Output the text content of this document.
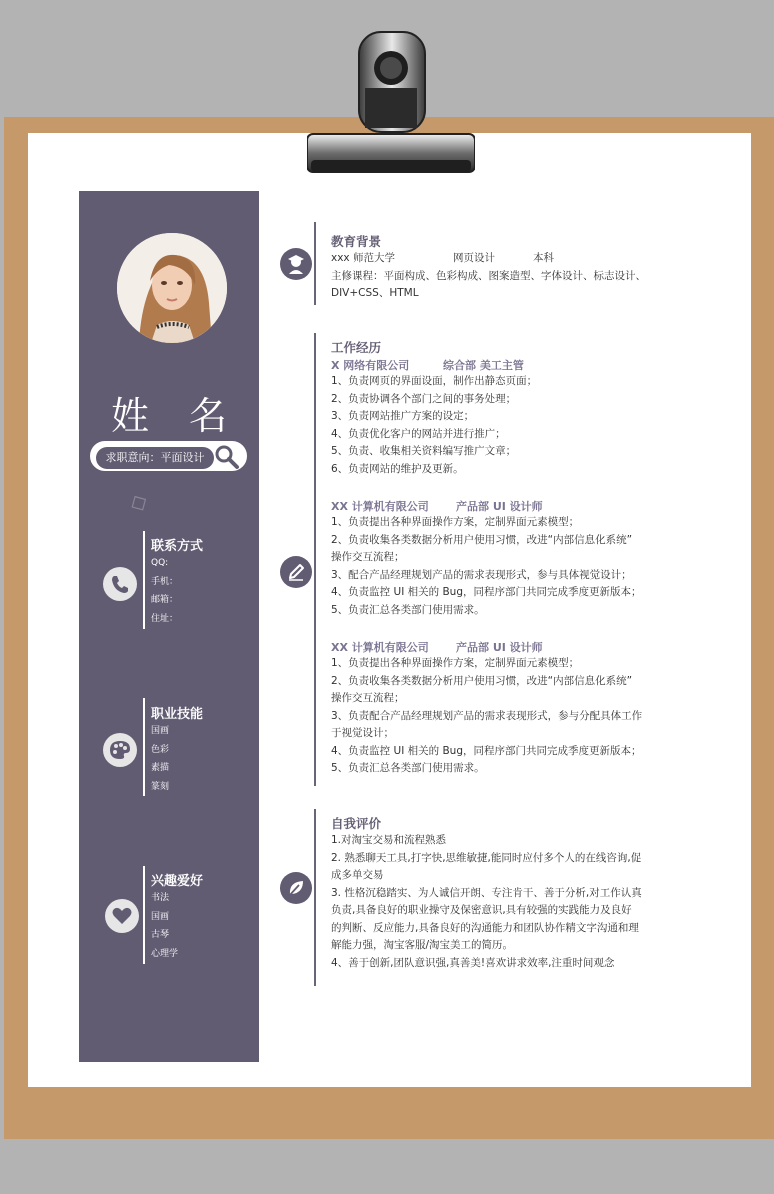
◇
姓 名
求职意向：平面设计
联系方式
QQ:
手机：
邮箱：
住址：
职业技能
国画
色彩
素描
篆刻
兴趣爱好
书法
国画
古琴
心理学
教育背景
xxx 师范大学	网页设计	本科
主修课程：平面构成、色彩构成、图案造型、字体设计、标志设计、
DIV+CSS、HTML
工作经历
X 网络有限公司	综合部 美工主管
1、负责网页的界面设面，制作出静态页面；
2、负责协调各个部门之间的事务处理；
3、负责网站推广方案的设定；
4、负责优化客户的网站并进行推广；
5、负责、收集相关资料编写推广文章；
6、负责网站的维护及更新。
XX 计算机有限公司 产品部 UI 设计师
1、负责提出各种界面操作方案，定制界面元素模型；
2、负责收集各类数据分析用户使用习惯，改进“内部信息化系统”
操作交互流程；
3、配合产品经理规划产品的需求表现形式，参与具体视觉设计；
4、负责监控 UI 相关的 Bug，同程序部门共同完成季度更新版本；
5、负责汇总各类部门使用需求。
XX 计算机有限公司 产品部 UI 设计师
1、负责提出各种界面操作方案，定制界面元素模型；
2、负责收集各类数据分析用户使用习惯，改进“内部信息化系统”
操作交互流程；
3、负责配合产品经理规划产品的需求表现形式，参与分配具体工作
于视觉设计；
4、负责监控 UI 相关的 Bug，同程序部门共同完成季度更新版本；
5、负责汇总各类部门使用需求。
自我评价
1.对淘宝交易和流程熟悉
2. 熟悉聊天工具,打字快,思维敏捷,能同时应付多个人的在线咨询,促
成多单交易
3. 性格沉稳踏实、为人诚信开朗、专注肯干、善于分析,对工作认真
负责,具备良好的职业操守及保密意识,具有较强的实践能力及良好
的判断、反应能力,具备良好的沟通能力和团队协作精文字沟通和理
解能力强，淘宝客服/淘宝美工的简历。
4、善于创新,团队意识强,真善美!喜欢讲求效率,注重时间观念
